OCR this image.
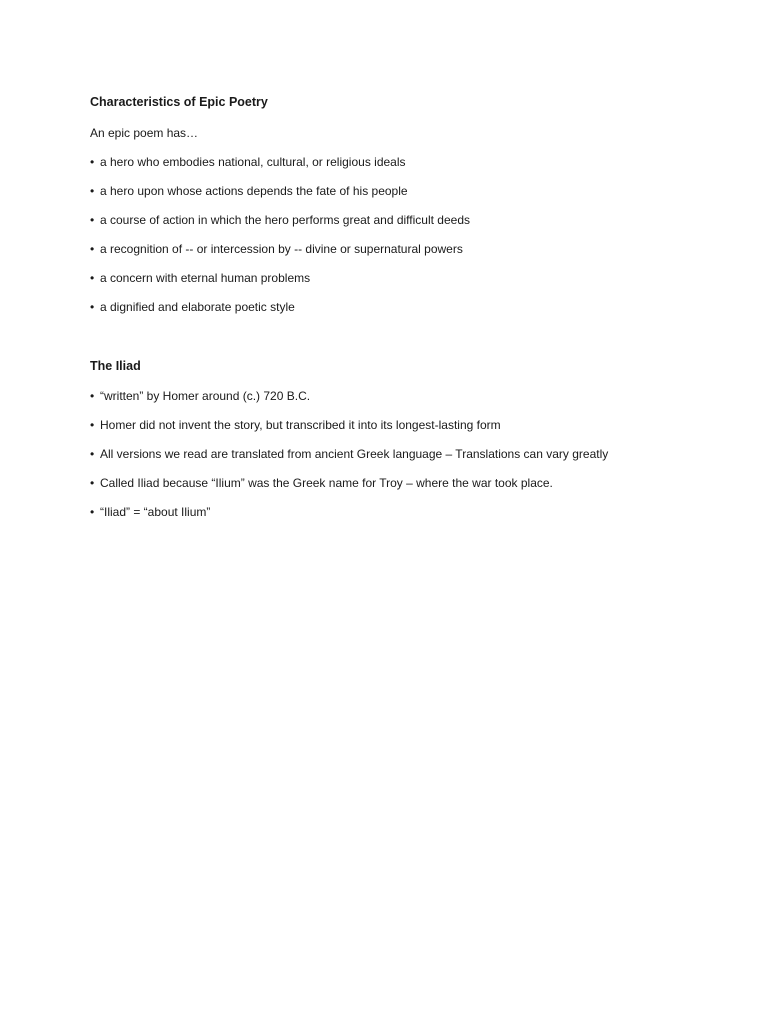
Characteristics of Epic Poetry

An epic poem has…

• a hero who embodies national, cultural, or religious ideals
• a hero upon whose actions depends the fate of his people
• a course of action in which the hero performs great and difficult deeds
• a recognition of -- or intercession by -- divine or supernatural powers
• a concern with eternal human problems
• a dignified and elaborate poetic style
The Iliad
• “written” by Homer around (c.) 720 B.C.
• Homer did not invent the story, but transcribed it into its longest-lasting form
• All versions we read are translated from ancient Greek language – Translations can vary greatly
• Called Iliad because “Ilium” was the Greek name for Troy – where the war took place.
• “Iliad” = “about Ilium”
